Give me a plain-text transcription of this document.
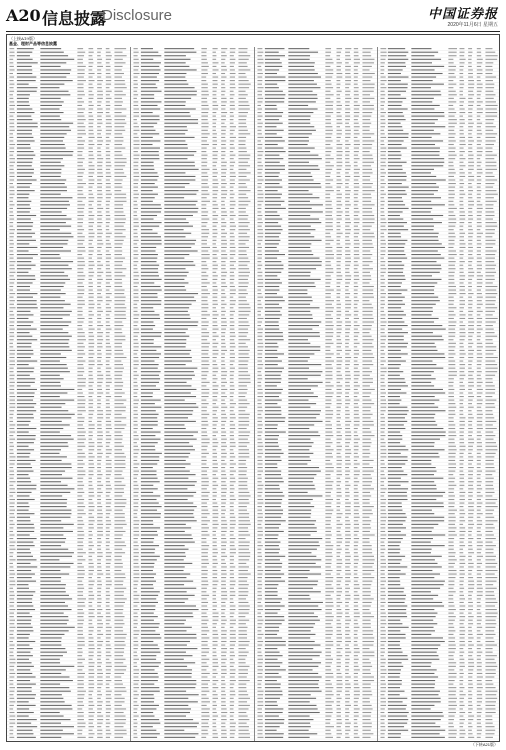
A20 信息披露
Disclosure	中国证券报
2020年11月6日 星期五
（上接A19版）
基金、理财产品等信息披露
（下转A21版）
